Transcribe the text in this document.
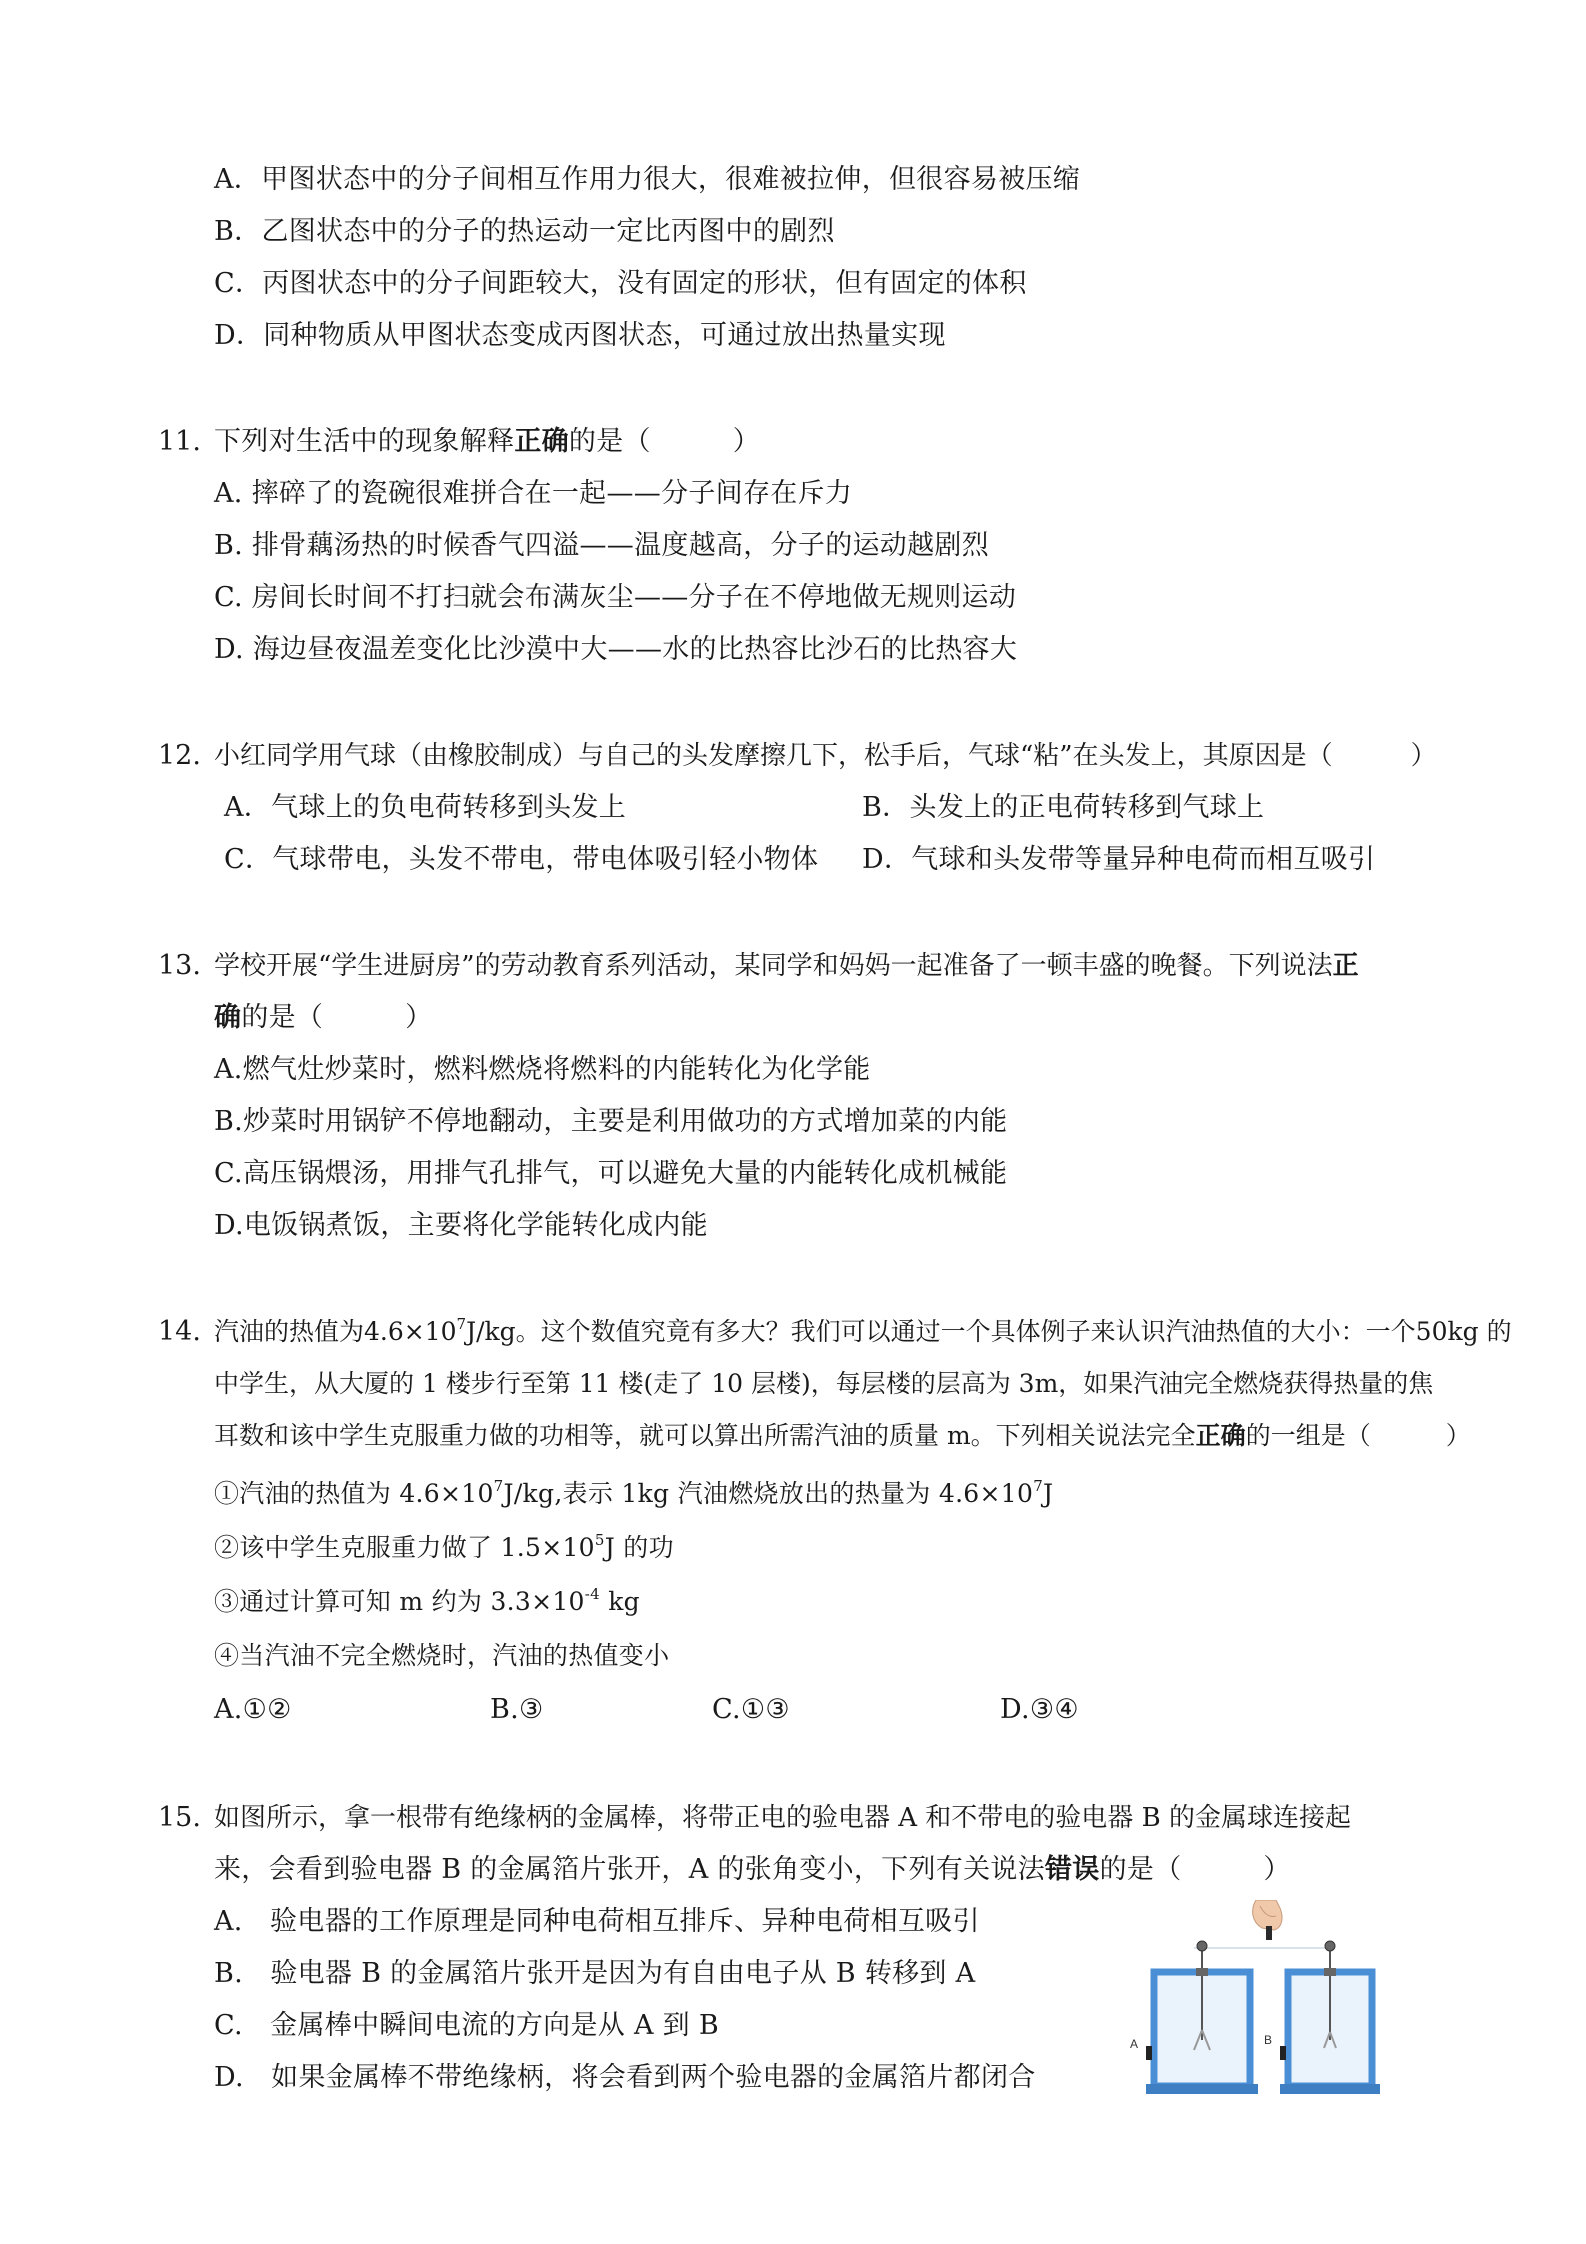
A．甲图状态中的分子间相互作用力很大，很难被拉伸，但很容易被压缩
B．乙图状态中的分子的热运动一定比丙图中的剧烈
C．丙图状态中的分子间距较大，没有固定的形状，但有固定的体积
D．同种物质从甲图状态变成丙图状态，可通过放出热量实现
11. 下列对生活中的现象解释正确的是（　　　）
A. 摔碎了的瓷碗很难拼合在一起——分子间存在斥力
B. 排骨藕汤热的时候香气四溢——温度越高，分子的运动越剧烈
C. 房间长时间不打扫就会布满灰尘——分子在不停地做无规则运动
D. 海边昼夜温差变化比沙漠中大——水的比热容比沙石的比热容大
12. 小红同学用气球（由橡胶制成）与自己的头发摩擦几下，松手后，气球“粘”在头发上，其原因是（　　　）
A．气球上的负电荷转移到头发上	B．头发上的正电荷转移到气球上
C．气球带电，头发不带电，带电体吸引轻小物体 D．气球和头发带等量异种电荷而相互吸引
13. 学校开展“学生进厨房”的劳动教育系列活动，某同学和妈妈一起准备了一顿丰盛的晚餐。下列说法正
确的是（　　　）
A.燃气灶炒菜时，燃料燃烧将燃料的内能转化为化学能
B.炒菜时用锅铲不停地翻动，主要是利用做功的方式增加菜的内能
C.高压锅煨汤，用排气孔排气，可以避免大量的内能转化成机械能
D.电饭锅煮饭，主要将化学能转化成内能
14. 汽油的热值为$4.6\times 10^7J/kg$。这个数值究竟有多大？我们可以通过一个具体例子来认识汽油热值的大小：一个50kg 的
中学生，从大厦的 1 楼步行至第 11 楼(走了 10 层楼)，每层楼的层高为 3m，如果汽油完全燃烧获得热量的焦
耳数和该中学生克服重力做的功相等，就可以算出所需汽油的质量 m。下列相关说法完全正确的一组是（　　　）
①汽油的热值为 $4.6\times 10^7J/kg$,表示 1kg 汽油燃烧放出的热量为 $4.6\times 10^7J$
②该中学生克服重力做了 $1.5\times 10^5J$ 的功
③通过计算可知 m 约为 $3.3\times 10^{-4}$ kg
④当汽油不完全燃烧时，汽油的热值变小
A.①②	B.③	C.①③	D.③④
15. 如图所示，拿一根带有绝缘柄的金属棒，将带正电的验电器 A 和不带电的验电器 B 的金属球连接起
来，会看到验电器 B 的金属箔片张开，A 的张角变小，下列有关说法错误的是（　　　）
A.　验电器的工作原理是同种电荷相互排斥、异种电荷相互吸引
B.　验电器 B 的金属箔片张开是因为有自由电子从 B 转移到 A
C.　金属棒中瞬间电流的方向是从 A 到 B
D.　如果金属棒不带绝缘柄，将会看到两个验电器的金属箔片都闭合
A	B
